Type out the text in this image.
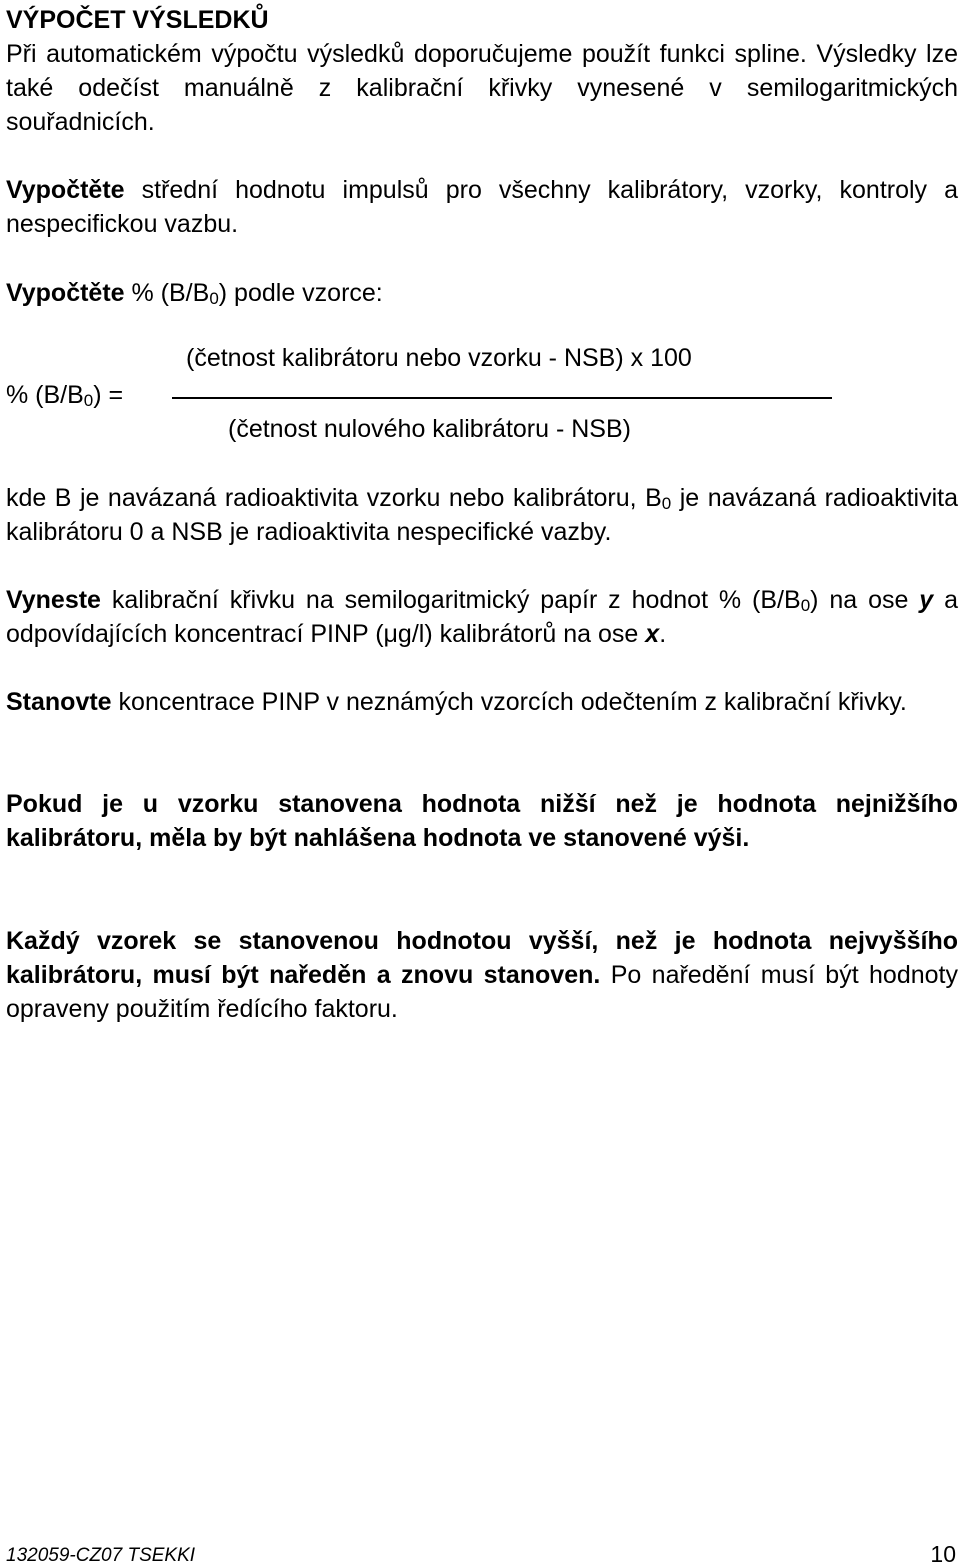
VÝPOČET VÝSLEDKŮ

Při automatickém výpočtu výsledků doporučujeme použít funkci spline. Výsledky lze také odečíst manuálně z kalibrační křivky vynesené v semilogaritmických souřadnicích.

Vypočtěte střední hodnotu impulsů pro všechny kalibrátory, vzorky, kontroly a nespecifickou vazbu.

Vypočtěte % $(B/B_0)$ podle vzorce:

% $(B/B_0)$ =
(četnost kalibrátoru nebo vzorku - NSB) x 100
(četnost nulového kalibrátoru - NSB)

kde B je navázaná radioaktivita vzorku nebo kalibrátoru, $B_0$ je navázaná radioaktivita kalibrátoru 0 a NSB je radioaktivita nespecifické vazby.

Vyneste kalibrační křivku na semilogaritmický papír z hodnot % $(B/B_0)$ na ose y a odpovídajících koncentrací PINP (μg/l) kalibrátorů na ose x.

Stanovte koncentrace PINP v neznámých vzorcích odečtením z kalibrační křivky.

Pokud je u vzorku stanovena hodnota nižší než je hodnota nejnižšího kalibrátoru, měla by být nahlášena hodnota ve stanovené výši.

Každý vzorek se stanovenou hodnotou vyšší, než je hodnota nejvyššího kalibrátoru, musí být naředěn a znovu stanoven. Po naředění musí být hodnoty opraveny použitím ředícího faktoru.

132059-CZ07 TSEKKI	10
